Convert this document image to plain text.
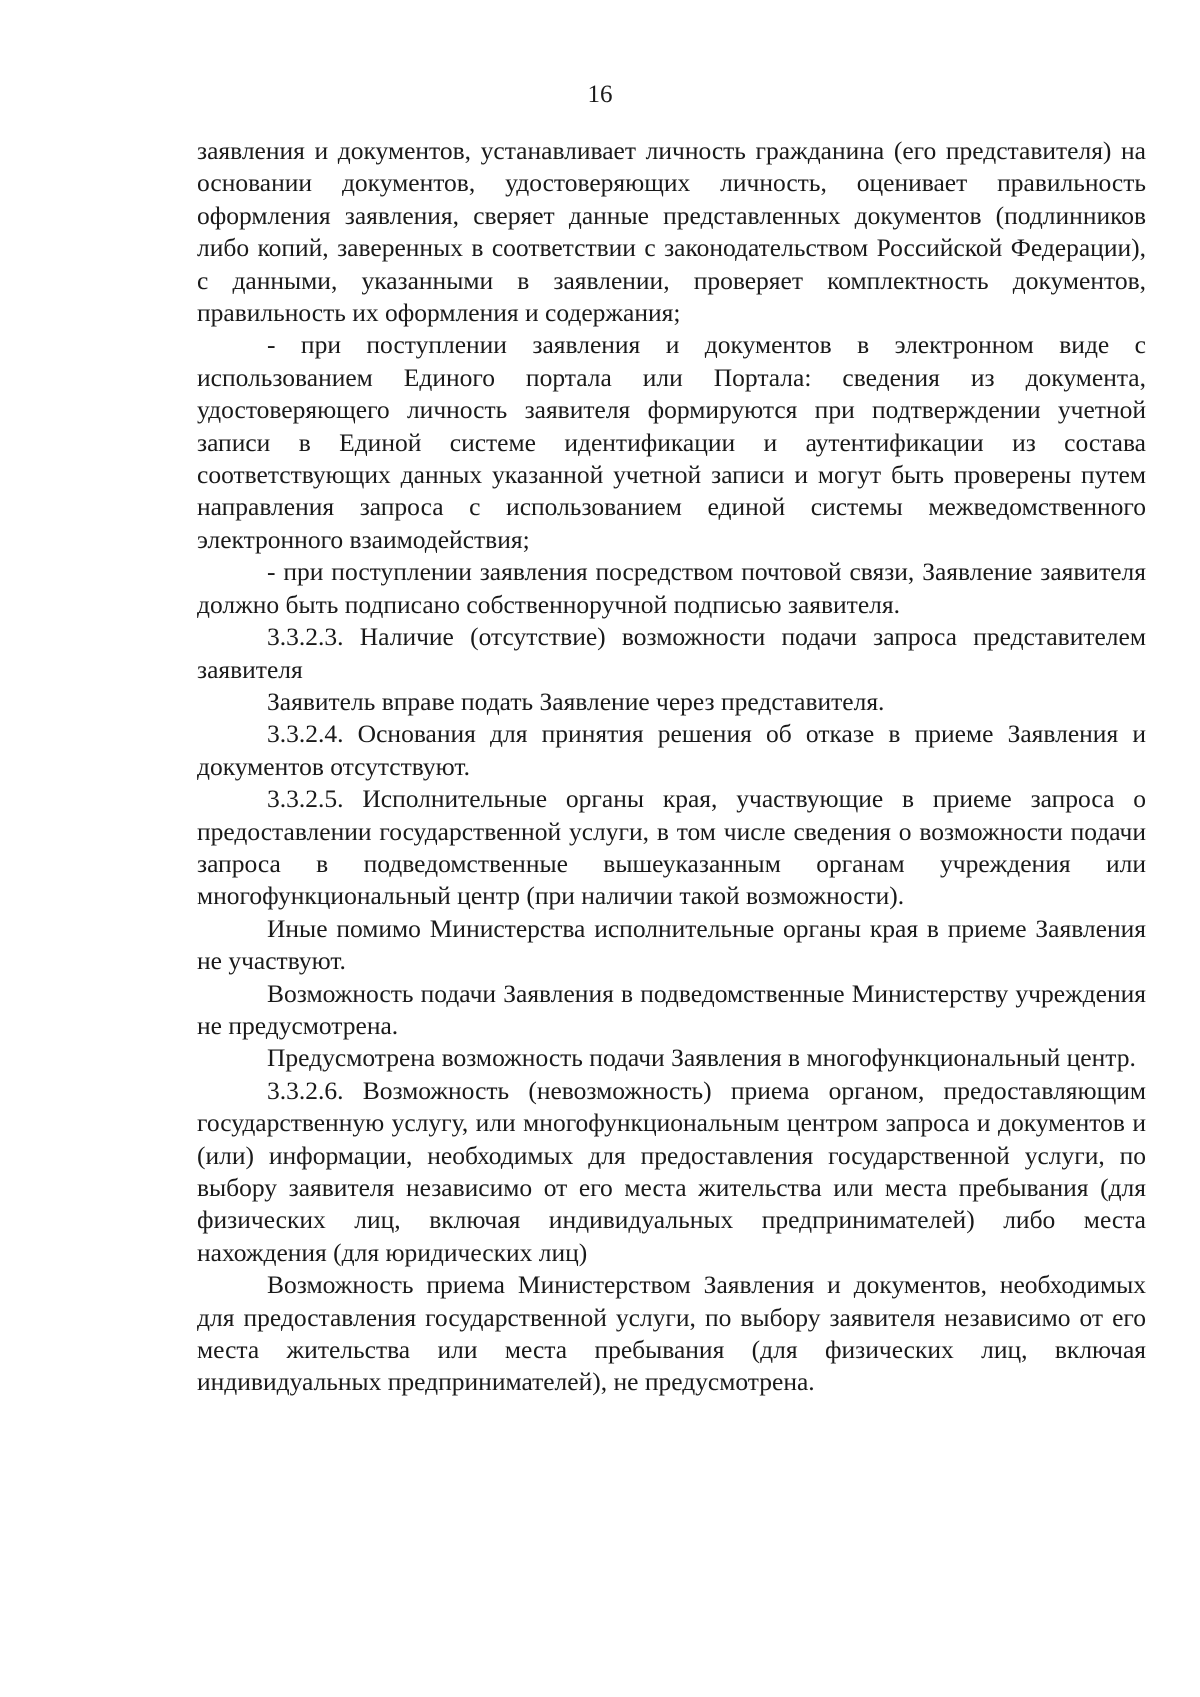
16

заявления и документов, устанавливает личность гражданина (его представителя) на основании документов, удостоверяющих личность, оценивает правильность оформления заявления, сверяет данные представленных документов (подлинников либо копий, заверенных в соответствии с законодательством Российской Федерации), с данными, указанными в заявлении, проверяет комплектность документов, правильность их оформления и содержания;

- при поступлении заявления и документов в электронном виде с использованием Единого портала или Портала: сведения из документа, удостоверяющего личность заявителя формируются при подтверждении учетной записи в Единой системе идентификации и аутентификации из состава соответствующих данных указанной учетной записи и могут быть проверены путем направления запроса с использованием единой системы межведомственного электронного взаимодействия;

- при поступлении заявления посредством почтовой связи, Заявление заявителя должно быть подписано собственноручной подписью заявителя.

3.3.2.3. Наличие (отсутствие) возможности подачи запроса представителем заявителя

Заявитель вправе подать Заявление через представителя.

3.3.2.4. Основания для принятия решения об отказе в приеме Заявления и документов отсутствуют.

3.3.2.5. Исполнительные органы края, участвующие в приеме запроса о предоставлении государственной услуги, в том числе сведения о возможности подачи запроса в подведомственные вышеуказанным органам учреждения или многофункциональный центр (при наличии такой возможности).

Иные помимо Министерства исполнительные органы края в приеме Заявления не участвуют.

Возможность подачи Заявления в подведомственные Министерству учреждения не предусмотрена.

Предусмотрена возможность подачи Заявления в многофункциональный центр.

3.3.2.6. Возможность (невозможность) приема органом, предоставляющим государственную услугу, или многофункциональным центром запроса и документов и (или) информации, необходимых для предоставления государственной услуги, по выбору заявителя независимо от его места жительства или места пребывания (для физических лиц, включая индивидуальных предпринимателей) либо места нахождения (для юридических лиц)

Возможность приема Министерством Заявления и документов, необходимых для предоставления государственной услуги, по выбору заявителя независимо от его места жительства или места пребывания (для физических лиц, включая индивидуальных предпринимателей), не предусмотрена.
